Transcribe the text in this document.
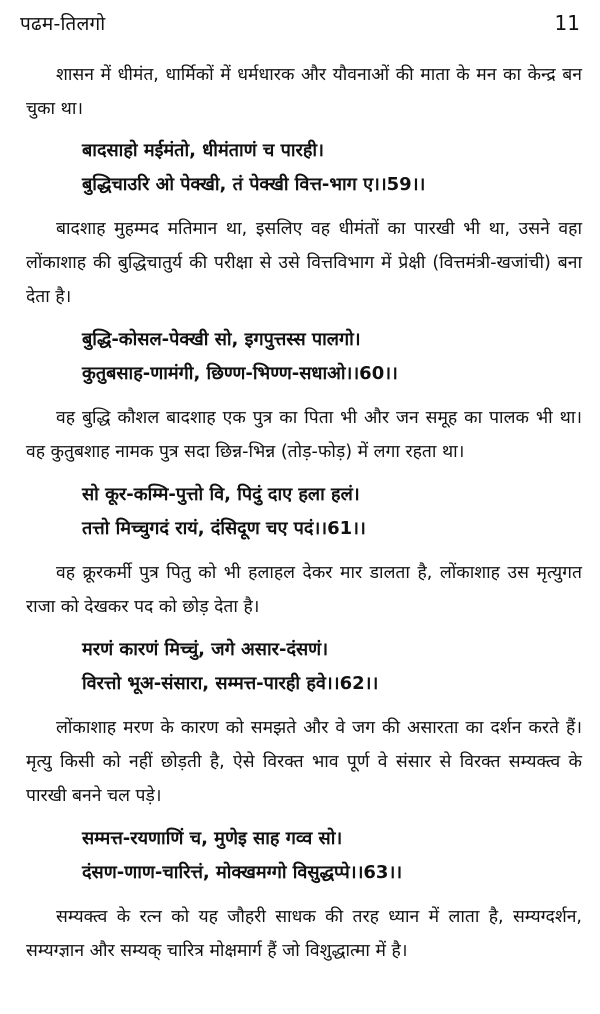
पढम-तिलगो	11

शासन में धीमंत, धार्मिकों में धर्मधारक और यौवनाओं की माता के मन का केन्द्र बन चुका था।

बादसाहो मईमंतो, धीमंताणं च पारही।
बुद्धिचाउरि ओ पेक्खी, तं पेक्खी वित्त-भाग ए।।59।।

बादशाह मुहम्मद मतिमान था, इसलिए वह धीमंतों का पारखी भी था, उसने वहा लोंकाशाह की बुद्धिचातुर्य की परीक्षा से उसे वित्तविभाग में प्रेक्षी (वित्तमंत्री-खजांची) बना देता है।

बुद्धि-कोसल-पेक्खी सो, इगपुत्तस्स पालगो।
कुतुबसाह-णामंगी, छिण्ण-भिण्ण-सधाओ।।60।।

वह बुद्धि कौशल बादशाह एक पुत्र का पिता भी और जन समूह का पालक भी था। वह कुतुबशाह नामक पुत्र सदा छिन्न-भिन्न (तोड़-फोड़) में लगा रहता था।

सो कूर-कम्मि-पुत्तो वि, पिदुं दाए हला हलं।
तत्तो मिच्चुगदं रायं, दंसिदूण चए पदं।।61।।

वह क्रूरकर्मी पुत्र पितु को भी हलाहल देकर मार डालता है, लोंकाशाह उस मृत्युगत राजा को देखकर पद को छोड़ देता है।

मरणं कारणं मिच्चुं, जगे असार-दंसणं।
विरत्तो भूअ-संसारा, सम्मत्त-पारही हवे।।62।।

लोंकाशाह मरण के कारण को समझते और वे जग की असारता का दर्शन करते हैं। मृत्यु किसी को नहीं छोड़ती है, ऐसे विरक्त भाव पूर्ण वे संसार से विरक्त सम्यक्त्व के पारखी बनने चल पड़े।

सम्मत्त-रयणाणिं च, मुणेइ साह गव्व सो।
दंसण-णाण-चारित्तं, मोक्खमग्गो विसुद्धप्पे।।63।।

सम्यक्त्व के रत्न को यह जौहरी साधक की तरह ध्यान में लाता है, सम्यग्दर्शन, सम्यग्ज्ञान और सम्यक् चारित्र मोक्षमार्ग हैं जो विशुद्धात्मा में है।
